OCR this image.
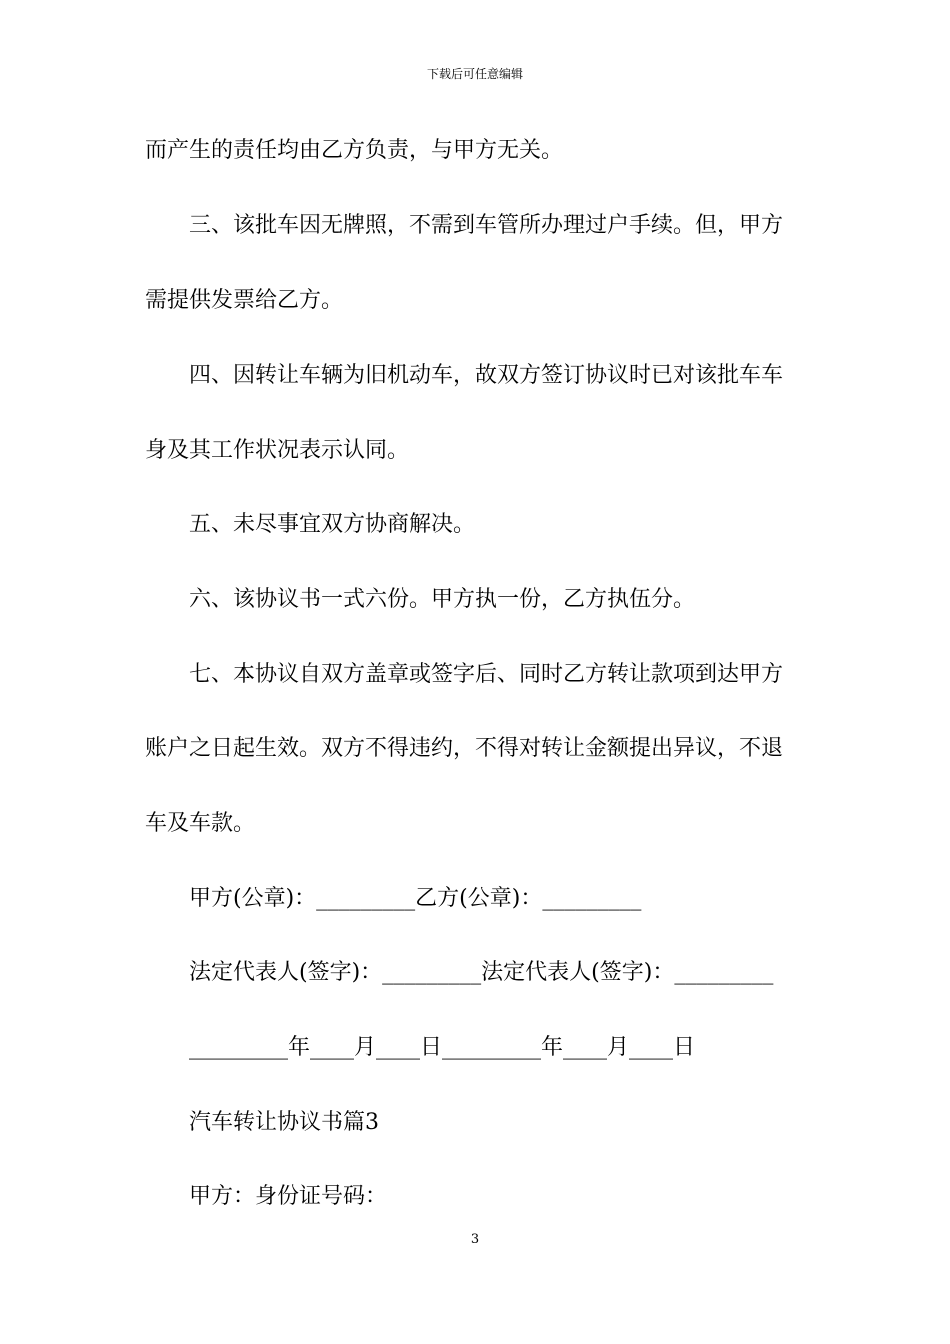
下载后可任意编辑
而产生的责任均由乙方负责，与甲方无关。
三、该批车因无牌照，不需到车管所办理过户手续。但，甲方
需提供发票给乙方。
四、因转让车辆为旧机动车，故双方签订协议时已对该批车车
身及其工作状况表示认同。
五、未尽事宜双方协商解决。
六、该协议书一式六份。甲方执一份，乙方执伍分。
七、本协议自双方盖章或签字后、同时乙方转让款项到达甲方
账户之日起生效。双方不得违约，不得对转让金额提出异议，不退
车及车款。
甲方(公章)：_________乙方(公章)：_________
法定代表人(签字)：_________法定代表人(签字)：_________
_________年____月____日_________年____月____日
汽车转让协议书篇3
甲方：身份证号码：
3
